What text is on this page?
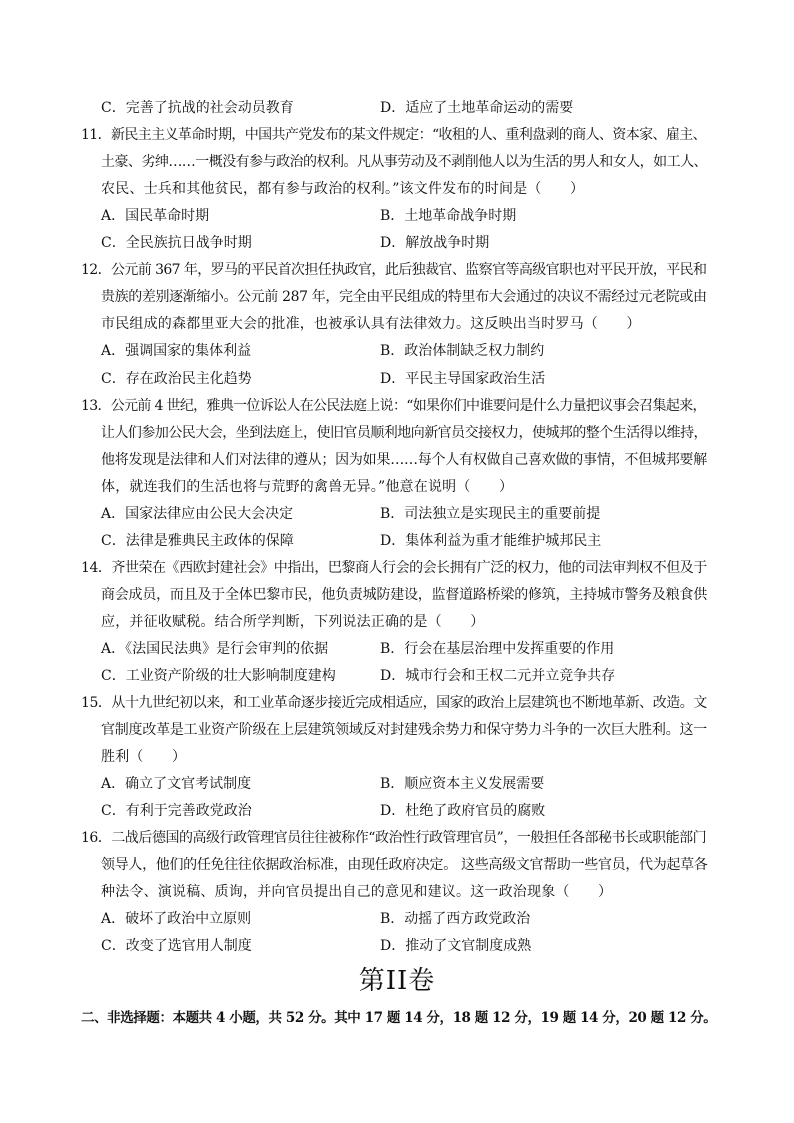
C．完善了抗战的社会动员教育	D．适应了土地革命运动的需要
11．新民主主义革命时期，中国共产党发布的某文件规定：“收租的人、重利盘剥的商人、资本家、雇主、
土豪、劣绅……一概没有参与政治的权利。凡从事劳动及不剥削他人以为生活的男人和女人，如工人、
农民、士兵和其他贫民，都有参与政治的权利。”该文件发布的时间是（　　）
A．国民革命时期	B．土地革命战争时期
C．全民族抗日战争时期	D．解放战争时期
12．公元前 367 年，罗马的平民首次担任执政官，此后独裁官、监察官等高级官职也对平民开放，平民和
贵族的差别逐渐缩小。公元前 287 年，完全由平民组成的特里布大会通过的决议不需经过元老院或由
市民组成的森都里亚大会的批准，也被承认具有法律效力。这反映出当时罗马（　　）
A．强调国家的集体利益	B．政治体制缺乏权力制约
C．存在政治民主化趋势	D．平民主导国家政治生活
13．公元前 4 世纪，雅典一位诉讼人在公民法庭上说：“如果你们中谁要问是什么力量把议事会召集起来，
让人们参加公民大会，坐到法庭上，使旧官员顺利地向新官员交接权力，使城邦的整个生活得以维持，
他将发现是法律和人们对法律的遵从；因为如果……每个人有权做自己喜欢做的事情，不但城邦要解
体，就连我们的生活也将与荒野的禽兽无异。”他意在说明（　　）
A．国家法律应由公民大会决定	B．司法独立是实现民主的重要前提
C．法律是雅典民主政体的保障	D．集体利益为重才能维护城邦民主
14．齐世荣在《西欧封建社会》中指出，巴黎商人行会的会长拥有广泛的权力，他的司法审判权不但及于
商会成员，而且及于全体巴黎市民，他负责城防建设，监督道路桥梁的修筑，主持城市警务及粮食供
应，并征收赋税。结合所学判断，下列说法正确的是（　　）
A．《法国民法典》是行会审判的依据	B．行会在基层治理中发挥重要的作用
C．工业资产阶级的壮大影响制度建构	D．城市行会和王权二元并立竞争共存
15．从十九世纪初以来，和工业革命逐步接近完成相适应，国家的政治上层建筑也不断地革新、改造。文
官制度改革是工业资产阶级在上层建筑领域反对封建残余势力和保守势力斗争的一次巨大胜利。这一
胜利（　　）
A．确立了文官考试制度	B．顺应资本主义发展需要
C．有利于完善政党政治	D．杜绝了政府官员的腐败
16．二战后德国的高级行政管理官员往往被称作“政治性行政管理官员”，一般担任各部秘书长或职能部门
领导人，他们的任免往往依据政治标准，由现任政府决定。 这些高级文官帮助一些官员，代为起草各
种法令、演说稿、质询，并向官员提出自己的意见和建议。这一政治现象（　　）
A．破坏了政治中立原则	B．动摇了西方政党政治
C．改变了选官用人制度	D．推动了文官制度成熟
第II卷
二、非选择题：本题共 4 小题，共 52 分。其中 17 题 14 分，18 题 12 分，19 题 14 分，20 题 12 分。
